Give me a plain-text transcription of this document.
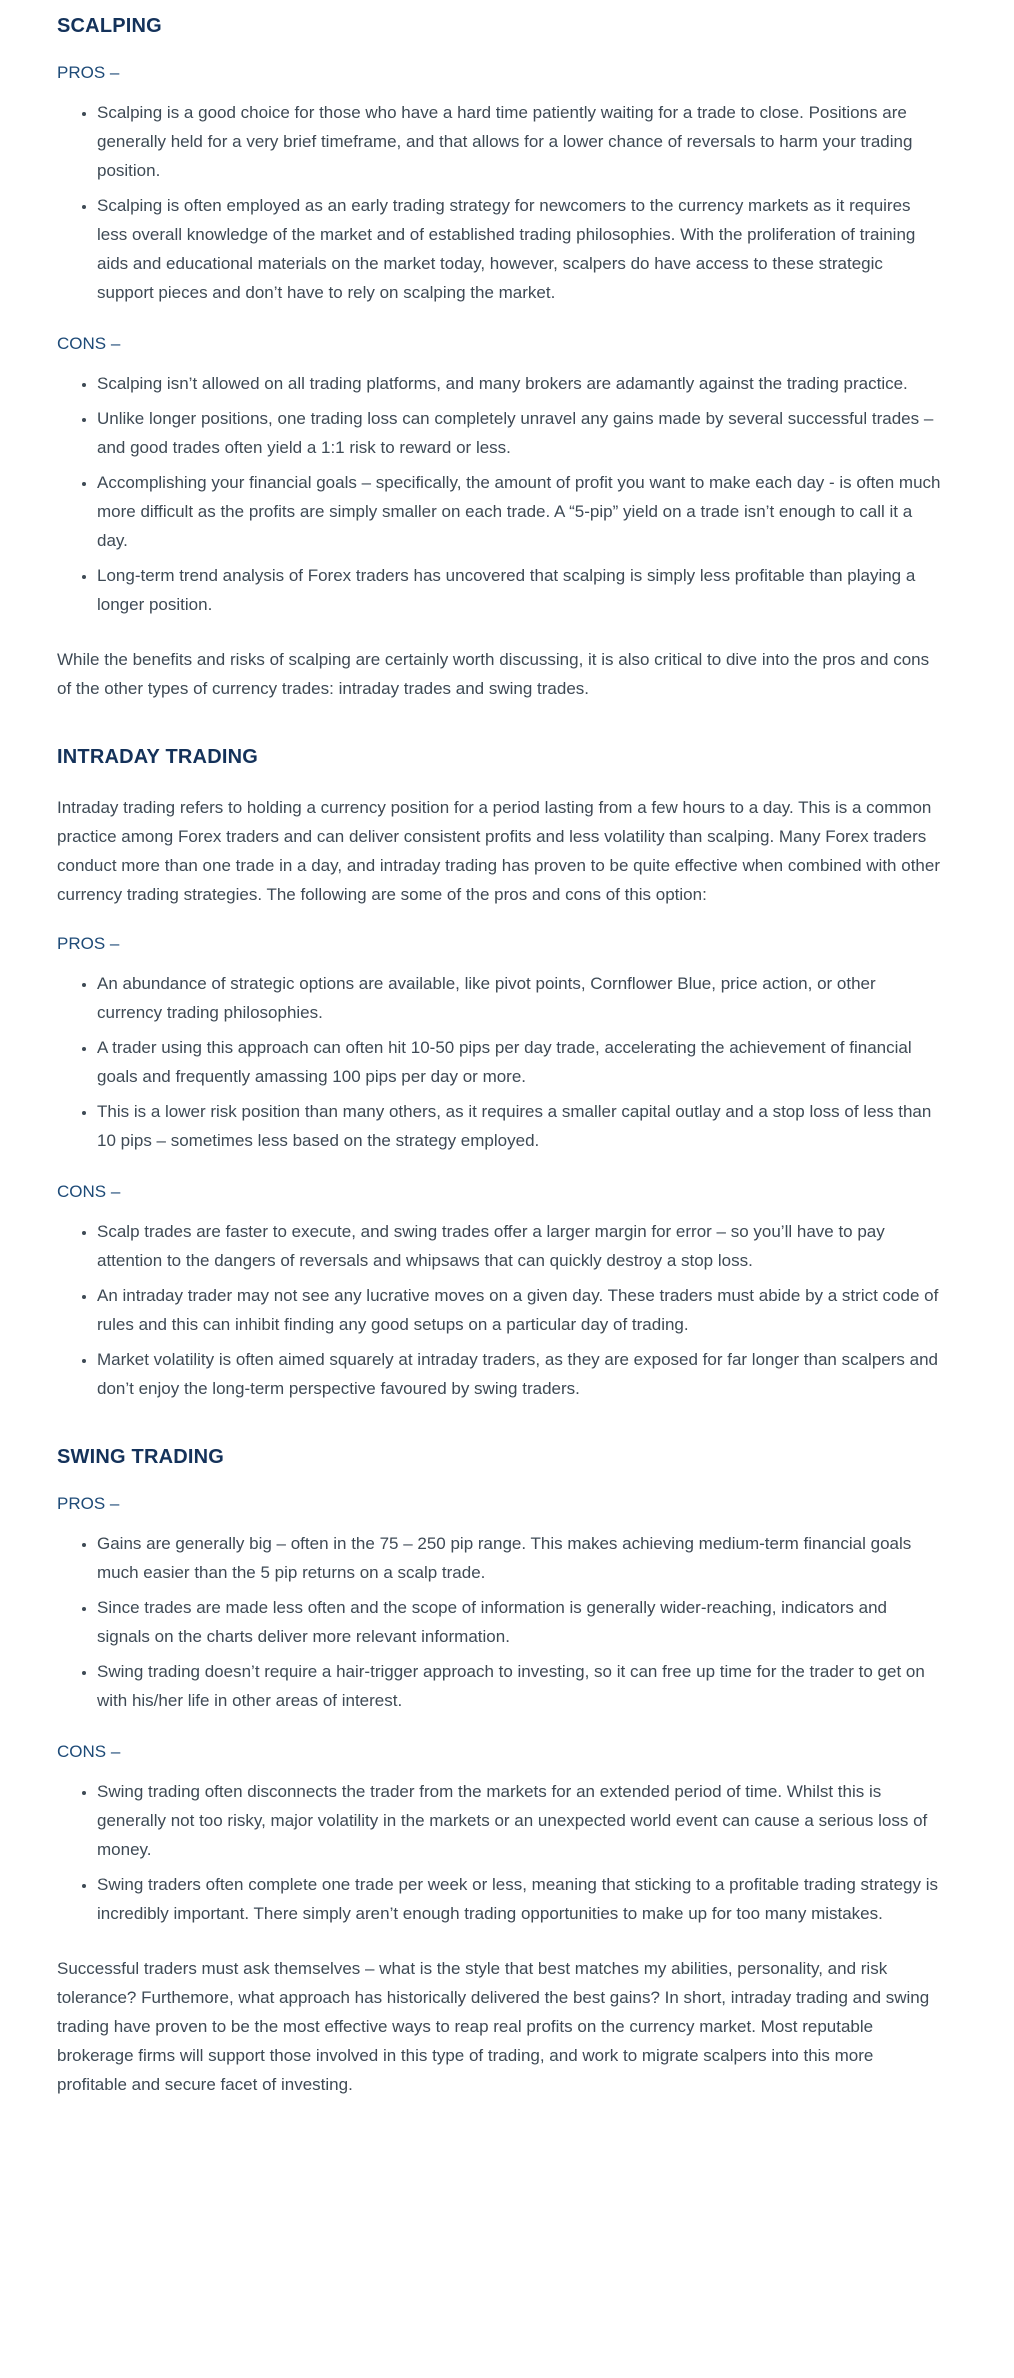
SCALPING
PROS –
• Scalping is a good choice for those who have a hard time patiently waiting for a trade to close. Positions are generally held for a very brief timeframe, and that allows for a lower chance of reversals to harm your trading position.
• Scalping is often employed as an early trading strategy for newcomers to the currency markets as it requires less overall knowledge of the market and of established trading philosophies. With the proliferation of training aids and educational materials on the market today, however, scalpers do have access to these strategic support pieces and don’t have to rely on scalping the market.
CONS –
• Scalping isn’t allowed on all trading platforms, and many brokers are adamantly against the trading practice.
• Unlike longer positions, one trading loss can completely unravel any gains made by several successful trades – and good trades often yield a 1:1 risk to reward or less.
• Accomplishing your financial goals – specifically, the amount of profit you want to make each day - is often much more difficult as the profits are simply smaller on each trade. A “5-pip” yield on a trade isn’t enough to call it a day.
• Long-term trend analysis of Forex traders has uncovered that scalping is simply less profitable than playing a longer position.

While the benefits and risks of scalping are certainly worth discussing, it is also critical to dive into the pros and cons of the other types of currency trades: intraday trades and swing trades.

INTRADAY TRADING

Intraday trading refers to holding a currency position for a period lasting from a few hours to a day. This is a common practice among Forex traders and can deliver consistent profits and less volatility than scalping. Many Forex traders conduct more than one trade in a day, and intraday trading has proven to be quite effective when combined with other currency trading strategies. The following are some of the pros and cons of this option:

PROS –
• An abundance of strategic options are available, like pivot points, Cornflower Blue, price action, or other currency trading philosophies.
• A trader using this approach can often hit 10-50 pips per day trade, accelerating the achievement of financial goals and frequently amassing 100 pips per day or more.
• This is a lower risk position than many others, as it requires a smaller capital outlay and a stop loss of less than 10 pips – sometimes less based on the strategy employed.
CONS –
• Scalp trades are faster to execute, and swing trades offer a larger margin for error – so you’ll have to pay attention to the dangers of reversals and whipsaws that can quickly destroy a stop loss.
• An intraday trader may not see any lucrative moves on a given day. These traders must abide by a strict code of rules and this can inhibit finding any good setups on a particular day of trading.
• Market volatility is often aimed squarely at intraday traders, as they are exposed for far longer than scalpers and don’t enjoy the long-term perspective favoured by swing traders.
SWING TRADING
PROS –
• Gains are generally big – often in the 75 – 250 pip range. This makes achieving medium-term financial goals much easier than the 5 pip returns on a scalp trade.
• Since trades are made less often and the scope of information is generally wider-reaching, indicators and signals on the charts deliver more relevant information.
• Swing trading doesn’t require a hair-trigger approach to investing, so it can free up time for the trader to get on with his/her life in other areas of interest.
CONS –
• Swing trading often disconnects the trader from the markets for an extended period of time. Whilst this is generally not too risky, major volatility in the markets or an unexpected world event can cause a serious loss of money.
• Swing traders often complete one trade per week or less, meaning that sticking to a profitable trading strategy is incredibly important. There simply aren’t enough trading opportunities to make up for too many mistakes.

Successful traders must ask themselves – what is the style that best matches my abilities, personality, and risk tolerance? Furthemore, what approach has historically delivered the best gains? In short, intraday trading and swing trading have proven to be the most effective ways to reap real profits on the currency market. Most reputable brokerage firms will support those involved in this type of trading, and work to migrate scalpers into this more profitable and secure facet of investing.
